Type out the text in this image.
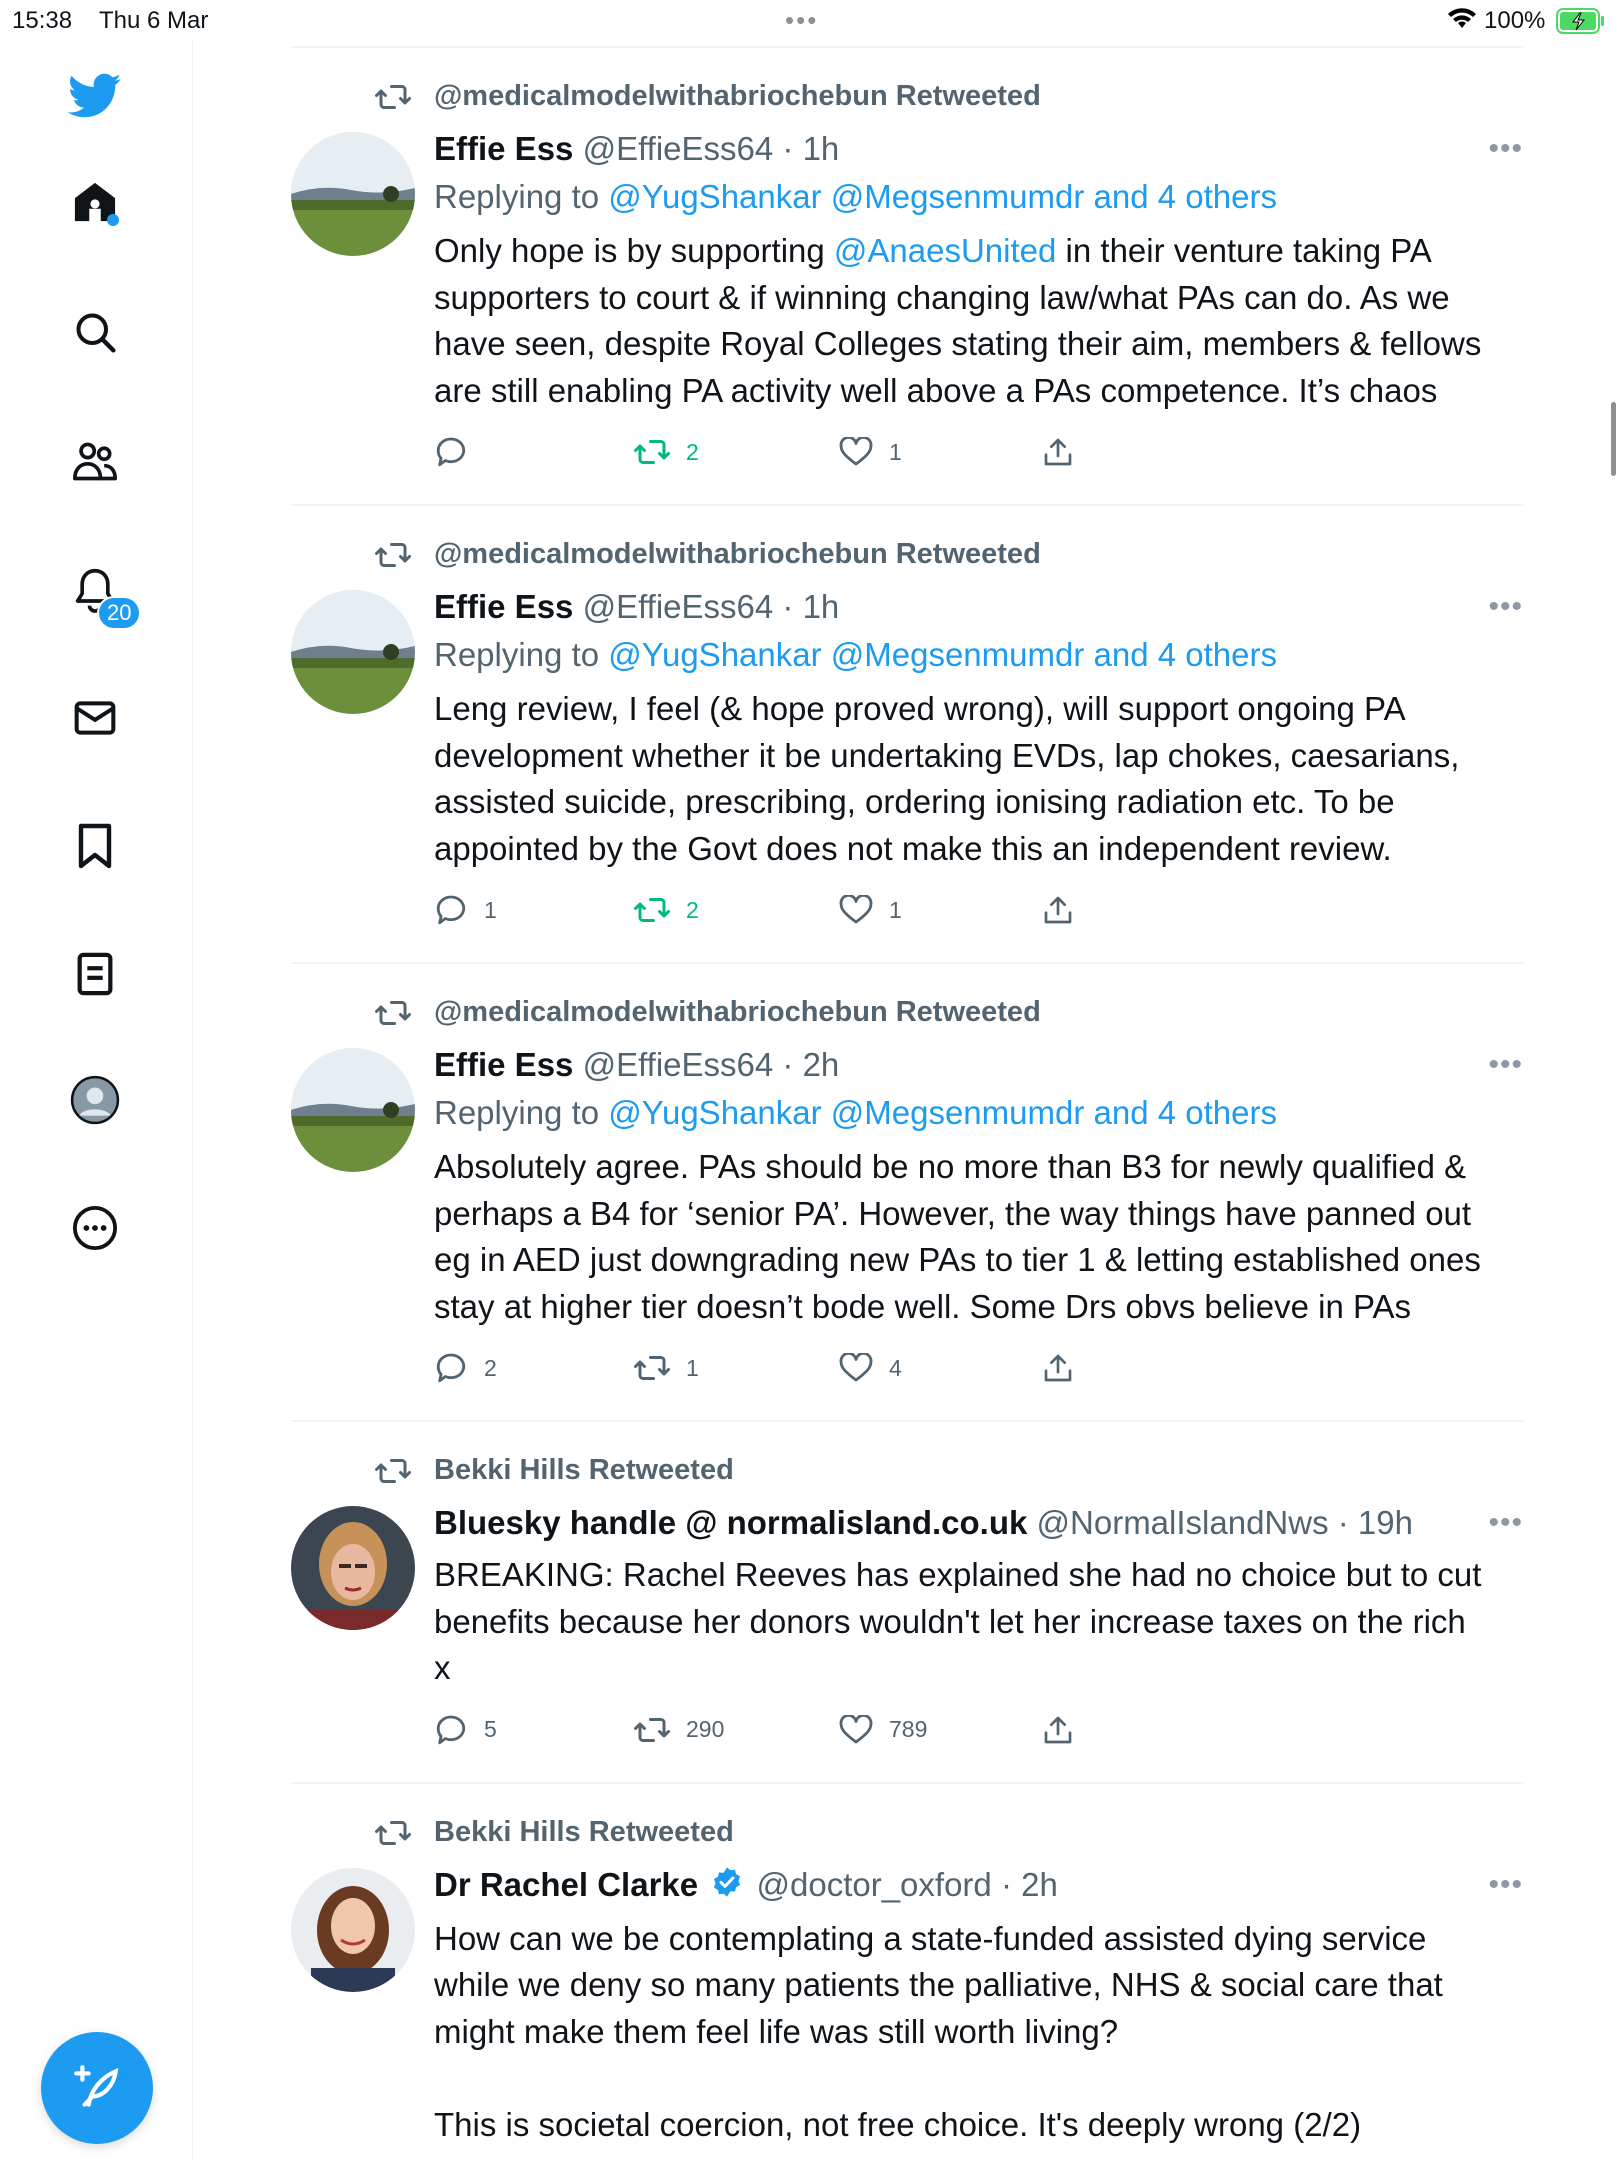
15:38 Thu 6 Mar	•••	100%
20
@medicalmodelwithabriochebun Retweeted
Effie Ess @EffieEss64 · 1h	•••
Replying to @YugShankar @Megsenmumdr and 4 others
Only hope is by supporting @AnaesUnited in their venture taking PA
supporters to court & if winning changing law/what PAs can do. As we
have seen, despite Royal Colleges stating their aim, members & fellows
are still enabling PA activity well above a PAs competence. It’s chaos
2	1
@medicalmodelwithabriochebun Retweeted
Effie Ess @EffieEss64 · 1h	•••
Replying to @YugShankar @Megsenmumdr and 4 others
Leng review, I feel (& hope proved wrong), will support ongoing PA
development whether it be undertaking EVDs, lap chokes, caesarians,
assisted suicide, prescribing, ordering ionising radiation etc. To be
appointed by the Govt does not make this an independent review.
1	2	1
@medicalmodelwithabriochebun Retweeted
Effie Ess @EffieEss64 · 2h	•••
Replying to @YugShankar @Megsenmumdr and 4 others
Absolutely agree. PAs should be no more than B3 for newly qualified &
perhaps a B4 for ‘senior PA’. However, the way things have panned out
eg in AED just downgrading new PAs to tier 1 & letting established ones
stay at higher tier doesn’t bode well. Some Drs obvs believe in PAs
2	1	4
Bekki Hills Retweeted
Bluesky handle @ normalisland.co.uk @NormalIslandNws · 19h	•••
BREAKING: Rachel Reeves has explained she had no choice but to cut
benefits because her donors wouldn't let her increase taxes on the rich
x
5	290	789
Bekki Hills Retweeted
Dr Rachel Clarke @doctor_oxford · 2h	•••
How can we be contemplating a state-funded assisted dying service
while we deny so many patients the palliative, NHS & social care that
might make them feel life was still worth living?

This is societal coercion, not free choice. It's deeply wrong (2/2)
